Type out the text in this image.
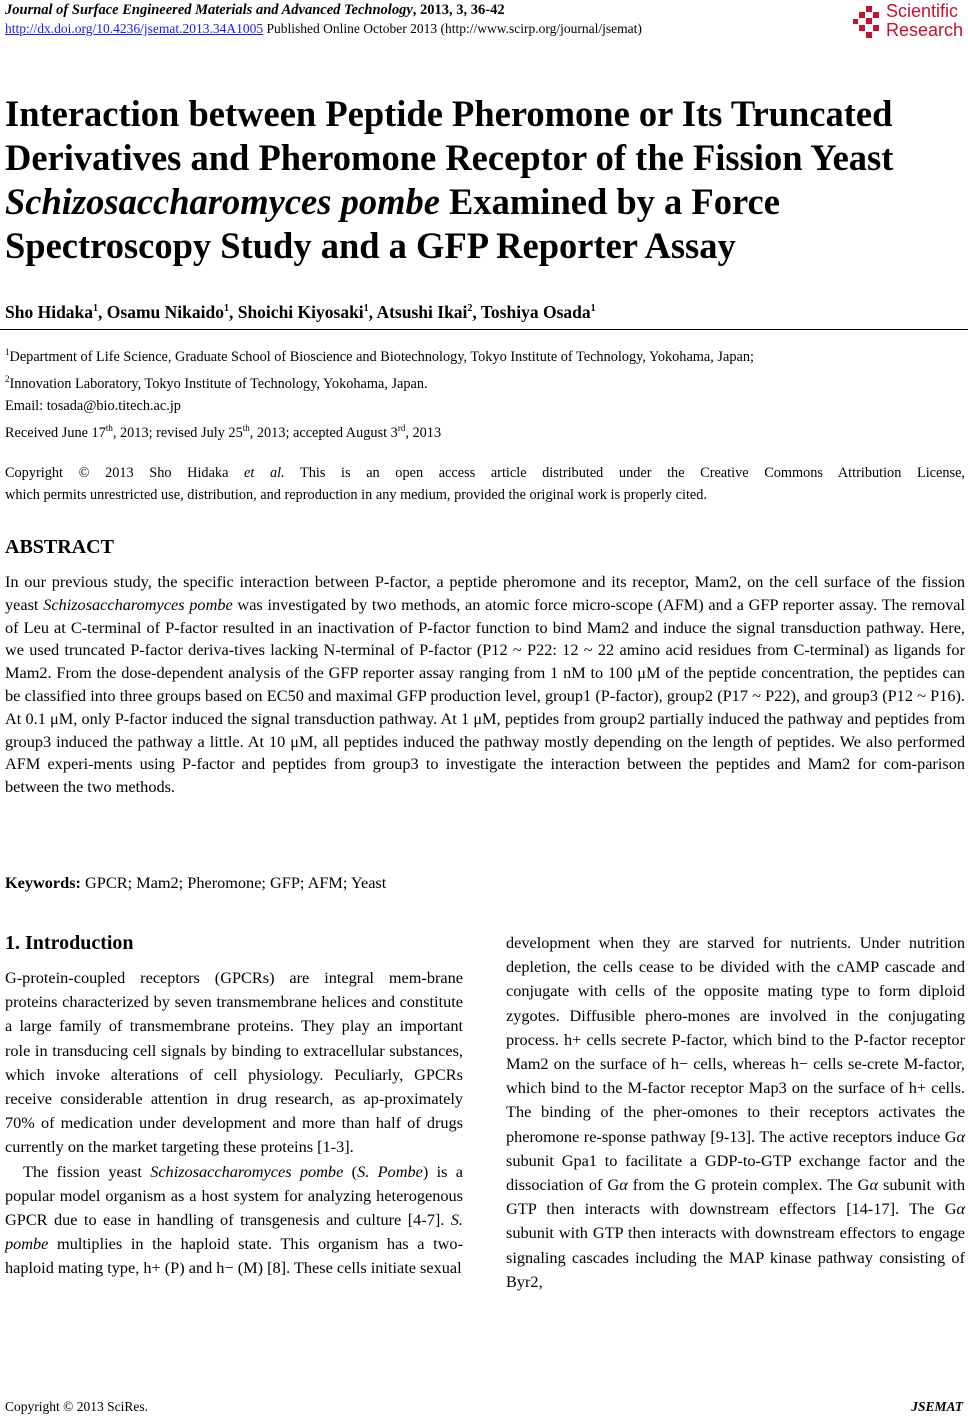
Journal of Surface Engineered Materials and Advanced Technology, 2013, 3, 36-42
http://dx.doi.org/10.4236/jsemat.2013.34A1005 Published Online October 2013 (http://www.scirp.org/journal/jsemat)
Scientific
Research
Interaction between Peptide Pheromone or Its Truncated Derivatives and Pheromone Receptor of the Fission Yeast Schizosaccharomyces pombe Examined by a Force Spectroscopy Study and a GFP Reporter Assay
Sho Hidaka$^1$, Osamu Nikaido$^1$, Shoichi Kiyosaki$^1$, Atsushi Ikai$^2$, Toshiya Osada$^1$
$^1$Department of Life Science, Graduate School of Bioscience and Biotechnology, Tokyo Institute of Technology, Yokohama, Japan;
$^2$Innovation Laboratory, Tokyo Institute of Technology, Yokohama, Japan.
Email: tosada@bio.titech.ac.jp
Received June 17th, 2013; revised July 25th, 2013; accepted August 3rd, 2013
Copyright © 2013 Sho Hidaka et al. This is an open access article distributed under the Creative Commons Attribution License,
which permits unrestricted use, distribution, and reproduction in any medium, provided the original work is properly cited.
ABSTRACT
In our previous study, the specific interaction between P-factor, a peptide pheromone and its receptor, Mam2, on the cell surface of the fission yeast Schizosaccharomyces pombe was investigated by two methods, an atomic force micro-scope (AFM) and a GFP reporter assay. The removal of Leu at C-terminal of P-factor resulted in an inactivation of P-factor function to bind Mam2 and induce the signal transduction pathway. Here, we used truncated P-factor deriva-tives lacking N-terminal of P-factor (P12 ~ P22: 12 ~ 22 amino acid residues from C-terminal) as ligands for Mam2. From the dose-dependent analysis of the GFP reporter assay ranging from 1 nM to 100 μM of the peptide concentration, the peptides can be classified into three groups based on EC50 and maximal GFP production level, group1 (P-factor), group2 (P17 ~ P22), and group3 (P12 ~ P16). At 0.1 μM, only P-factor induced the signal transduction pathway. At 1 μM, peptides from group2 partially induced the pathway and peptides from group3 induced the pathway a little. At 10 μM, all peptides induced the pathway mostly depending on the length of peptides. We also performed AFM experi-ments using P-factor and peptides from group3 to investigate the interaction between the peptides and Mam2 for com-parison between the two methods.
Keywords: GPCR; Mam2; Pheromone; GFP; AFM; Yeast
1. Introduction

G-protein-coupled receptors (GPCRs) are integral mem-brane proteins characterized by seven transmembrane helices and constitute a large family of transmembrane proteins. They play an important role in transducing cell signals by binding to extracellular substances, which invoke alterations of cell physiology. Peculiarly, GPCRs receive considerable attention in drug research, as ap-proximately 70% of medication under development and more than half of drugs currently on the market targeting these proteins [1-3].

The fission yeast Schizosaccharomyces pombe (S. Pombe) is a popular model organism as a host system for analyzing heterogenous GPCR due to ease in handling of transgenesis and culture [4-7]. S. pombe multiplies in the haploid state. This organism has a two-haploid mating type, h+ (P) and h− (M) [8]. These cells initiate sexual

development when they are starved for nutrients. Under nutrition depletion, the cells cease to be divided with the cAMP cascade and conjugate with cells of the opposite mating type to form diploid zygotes. Diffusible phero-mones are involved in the conjugating process. h+ cells secrete P-factor, which bind to the P-factor receptor Mam2 on the surface of h− cells, whereas h− cells se-crete M-factor, which bind to the M-factor receptor Map3 on the surface of h+ cells. The binding of the pher-omones to their receptors activates the pheromone re-sponse pathway [9-13]. The active receptors induce Gα subunit Gpa1 to facilitate a GDP-to-GTP exchange factor and the dissociation of Gα from the G protein complex. The Gα subunit with GTP then interacts with downstream effectors [14-17]. The Gα subunit with GTP then interacts with downstream effectors to engage signaling cascades including the MAP kinase pathway consisting of Byr2,

Copyright © 2013 SciRes.	JSEMAT
